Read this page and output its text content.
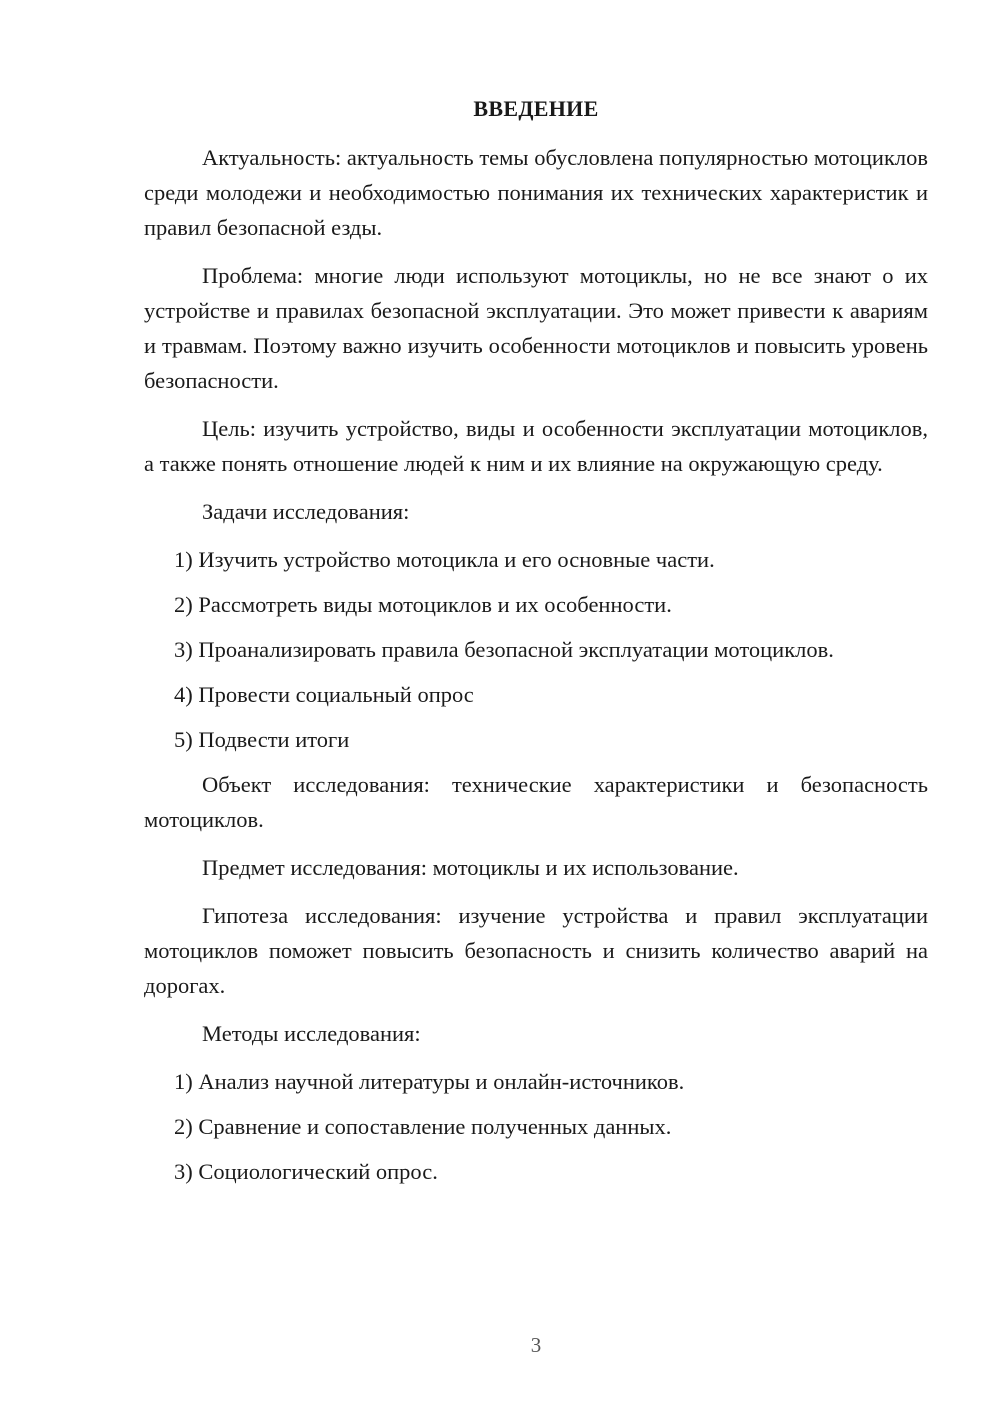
ВВЕДЕНИЕ

Актуальность: актуальность темы обусловлена популярностью мотоциклов среди молодежи и необходимостью понимания их технических характеристик и правил безопасной езды.

Проблема: многие люди используют мотоциклы, но не все знают о их устройстве и правилах безопасной эксплуатации. Это может привести к авариям и травмам. Поэтому важно изучить особенности мотоциклов и повысить уровень безопасности.

Цель: изучить устройство, виды и особенности эксплуатации мотоциклов, а также понять отношение людей к ним и их влияние на окружающую среду.

Задачи исследования:

1) Изучить устройство мотоцикла и его основные части.

2) Рассмотреть виды мотоциклов и их особенности.

3) Проанализировать правила безопасной эксплуатации мотоциклов.

4) Провести социальный опрос

5) Подвести итоги

Объект исследования: технические характеристики и безопасность мотоциклов.

Предмет исследования: мотоциклы и их использование.

Гипотеза исследования: изучение устройства и правил эксплуатации мотоциклов поможет повысить безопасность и снизить количество аварий на дорогах.

Методы исследования:

1) Анализ научной литературы и онлайн-источников.

2) Сравнение и сопоставление полученных данных.

3) Социологический опрос.

3
